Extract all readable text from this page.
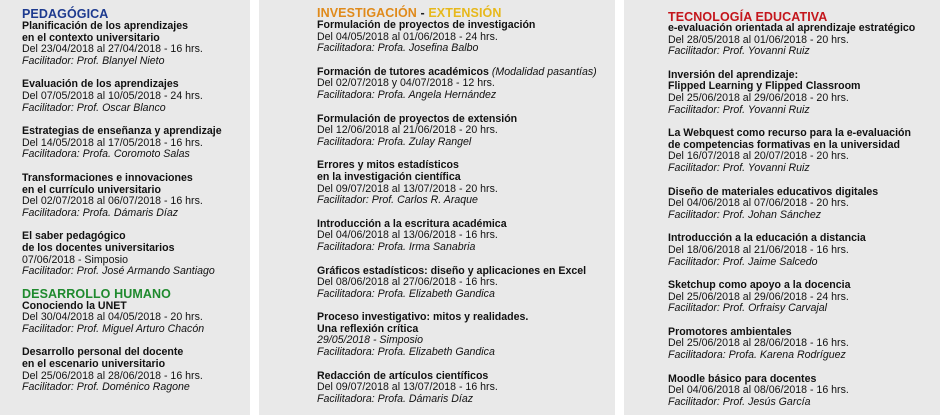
PEDAGÓGICA
Planificación de los aprendizajes
en el contexto universitario
Del 23/04/2018 al 27/04/2018 - 16 hrs.
Facilitador: Prof. Blanyel Nieto
Evaluación de los aprendizajes
Del 07/05/2018 al 10/05/2018 - 24 hrs.
Facilitador: Prof. Oscar Blanco
Estrategias de enseñanza y aprendizaje
Del 14/05/2018 al 17/05/2018 - 16 hrs.
Facilitadora: Profa. Coromoto Salas
Transformaciones e innovaciones
en el currículo universitario
Del 02/07/2018 al 06/07/2018 - 16 hrs.
Facilitadora: Profa. Dámaris Díaz
El saber pedagógico
de los docentes universitarios
07/06/2018 - Simposio
Facilitador: Prof. José Armando Santiago
DESARROLLO HUMANO
Conociendo la UNET
Del 30/04/2018 al 04/05/2018 - 20 hrs.
Facilitador: Prof. Miguel Arturo Chacón
Desarrollo personal del docente
en el escenario universitario
Del 25/06/2018 al 28/06/2018 - 16 hrs.
Facilitador: Prof. Doménico Ragone
INVESTIGACIÓN - EXTENSIÓN
Formulación de proyectos de investigación
Del 04/05/2018 al 01/06/2018 - 24 hrs.
Facilitadora: Profa. Josefina Balbo
Formación de tutores académicos (Modalidad pasantías)
Del 02/07/2018 y 04/07/2018 - 12 hrs.
Facilitadora: Profa. Angela Hernández
Formulación de proyectos de extensión
Del 12/06/2018 al 21/06/2018 - 20 hrs.
Facilitadora: Profa. Zulay Rangel
Errores y mitos estadísticos
en la investigación científica
Del 09/07/2018 al 13/07/2018 - 20 hrs.
Facilitador: Prof. Carlos R. Araque
Introducción a la escritura académica
Del 04/06/2018 al 13/06/2018 - 16 hrs.
Facilitadora: Profa. Irma Sanabria
Gráficos estadísticos: diseño y aplicaciones en Excel
Del 08/06/2018 al 27/06/2018 - 16 hrs.
Facilitadora: Profa. Elizabeth Gandica
Proceso investigativo: mitos y realidades.
Una reflexión crítica
29/05/2018 - Simposio
Facilitadora: Profa. Elizabeth Gandica
Redacción de artículos científicos
Del 09/07/2018 al 13/07/2018 - 16 hrs.
Facilitadora: Profa. Dámaris Díaz
TECNOLOGÍA EDUCATIVA
e-evaluación orientada al aprendizaje estratégico
Del 28/05/2018 al 01/06/2018 - 20 hrs.
Facilitador: Prof. Yovanni Ruiz
Inversión del aprendizaje:
Flipped Learning y Flipped Classroom
Del 25/06/2018 al 29/06/2018 - 20 hrs.
Facilitador: Prof. Yovanni Ruiz
La Webquest como recurso para la e-evaluación
de competencias formativas en la universidad
Del 16/07/2018 al 20/07/2018 - 20 hrs.
Facilitador: Prof. Yovanni Ruiz
Diseño de materiales educativos digitales
Del 04/06/2018 al 07/06/2018 - 20 hrs.
Facilitador: Prof. Johan Sánchez
Introducción a la educación a distancia
Del 18/06/2018 al 21/06/2018 - 16 hrs.
Facilitador: Prof. Jaime Salcedo
Sketchup como apoyo a la docencia
Del 25/06/2018 al 29/06/2018 - 24 hrs.
Facilitador: Prof. Orfraisy Carvajal
Promotores ambientales
Del 25/06/2018 al 28/06/2018 - 16 hrs.
Facilitadora: Profa. Karena Rodríguez
Moodle básico para docentes
Del 04/06/2018 al 08/06/2018 - 16 hrs.
Facilitador: Prof. Jesús García
